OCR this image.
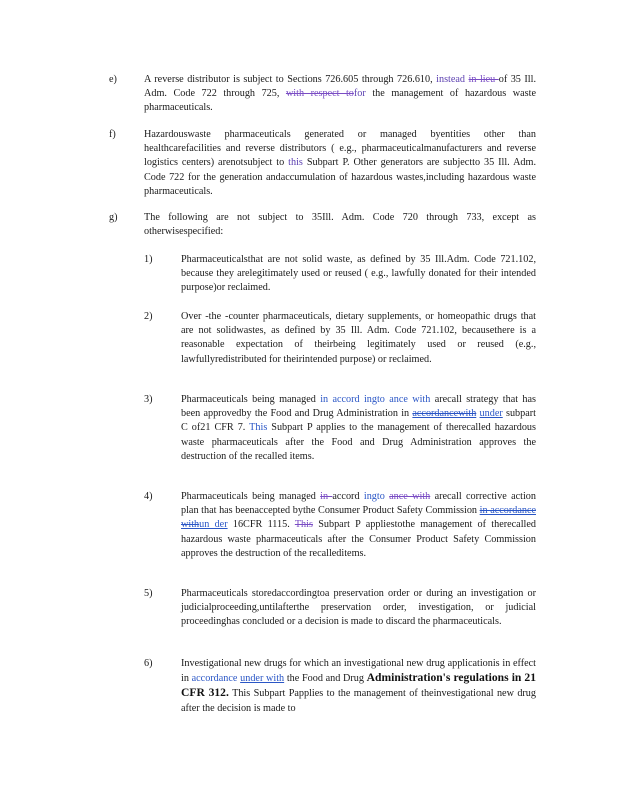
e)	A reverse distributor is subject to Sections 726.605 through 726.610, instead in lieu of 35 Ill. Adm. Code 722 through 725, with respect tofor the management of hazardous waste pharmaceuticals.
f)	Hazardouswaste pharmaceuticals generated or managed byentities other than healthcarefacilities and reverse distributors ( e.g., pharmaceuticalmanufacturers and reverse logistics centers) arenotsubject to this Subpart P. Other generators are subjectto 35 Ill. Adm. Code 722 for the generation andaccumulation of hazardous wastes,including hazardous waste pharmaceuticals.
g)	The following are not subject to 35Ill. Adm. Code 720 through 733, except as otherwisespecified:
1)	Pharmaceuticalsthat are not solid waste, as defined by 35 Ill.Adm. Code 721.102, because they arelegitimately used or reused ( e.g., lawfully donated for their intended purpose)or reclaimed.
2)	Over -the -counter pharmaceuticals, dietary supplements, or homeopathic drugs that are not solidwastes, as defined by 35 Ill. Adm. Code 721.102, becausethere is a reasonable expectation of theirbeing legitimately used or reused (e.g., lawfullyredistributed for theirintended purpose) or reclaimed.
3)	Pharmaceuticals being managed in accord ingto ance with arecall strategy that has been approvedby the Food and Drug Administration in accordancewith under subpart C of21 CFR 7. This Subpart P applies to the management of therecalled hazardous waste pharmaceuticals after the Food and Drug Administration approves the destruction of the recalled items.
4)	Pharmaceuticals being managed in accord ingto ance with arecall corrective action plan that has beenaccepted bythe Consumer Product Safety Commission in accordance withun der 16CFR 1115. This Subpart P appliestothe management of therecalled hazardous waste pharmaceuticals after the Consumer Product Safety Commission approves the destruction of the recalleditems.
5)	Pharmaceuticals storedaccordingtoa preservation order or during an investigation or judicialproceeding,untilafterthe preservation order, investigation, or judicial proceedinghas concluded or a decision is made to discard the pharmaceuticals.
6)	Investigational new drugs for which an investigational new drug applicationis in effect in accordance under with the Food and Drug Administration's regulations in 21 CFR 312. This Subpart Papplies to the management of theinvestigational new drug after the decision is made to
